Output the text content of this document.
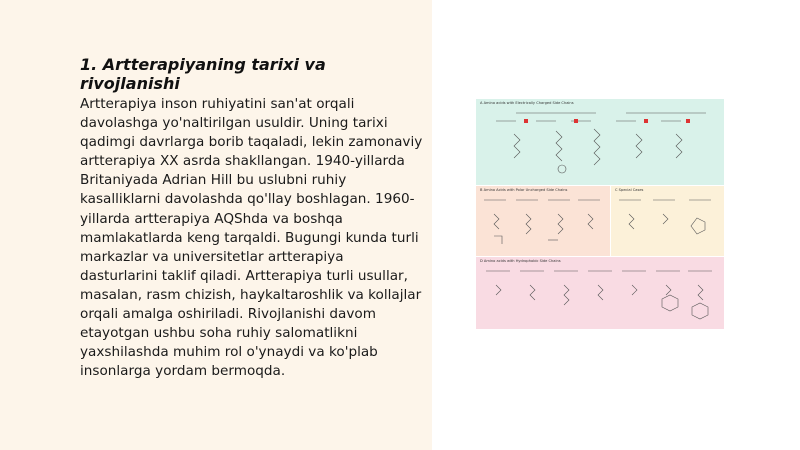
1. Artterapiyaning tarixi va rivojlanishi

Artterapiya inson ruhiyatini san'at orqali davolashga yo'naltirilgan usuldir. Uning tarixi qadimgi davrlarga borib taqaladi, lekin zamonaviy artterapiya XX asrda shakllangan. 1940-yillarda Britaniyada Adrian Hill bu uslubni ruhiy kasalliklarni davolashda qo'llay boshlagan. 1960-yillarda artterapiya AQShda va boshqa mamlakatlarda keng tarqaldi. Bugungi kunda turli markazlar va universitetlar artterapiya dasturlarini taklif qiladi. Artterapiya turli usullar, masalan, rasm chizish, haykaltaroshlik va kollajlar orqali amalga oshiriladi. Rivojlanishi davom etayotgan ushbu soha ruhiy salomatlikni yaxshilashda muhim rol o'ynaydi va ko'plab insonlarga yordam bermoqda.

A Amino acids with Electrically Charged Side Chains
B Amino Acids with Polar Uncharged Side Chains	C Special Cases
D Amino acids with Hydrophobic Side Chains
